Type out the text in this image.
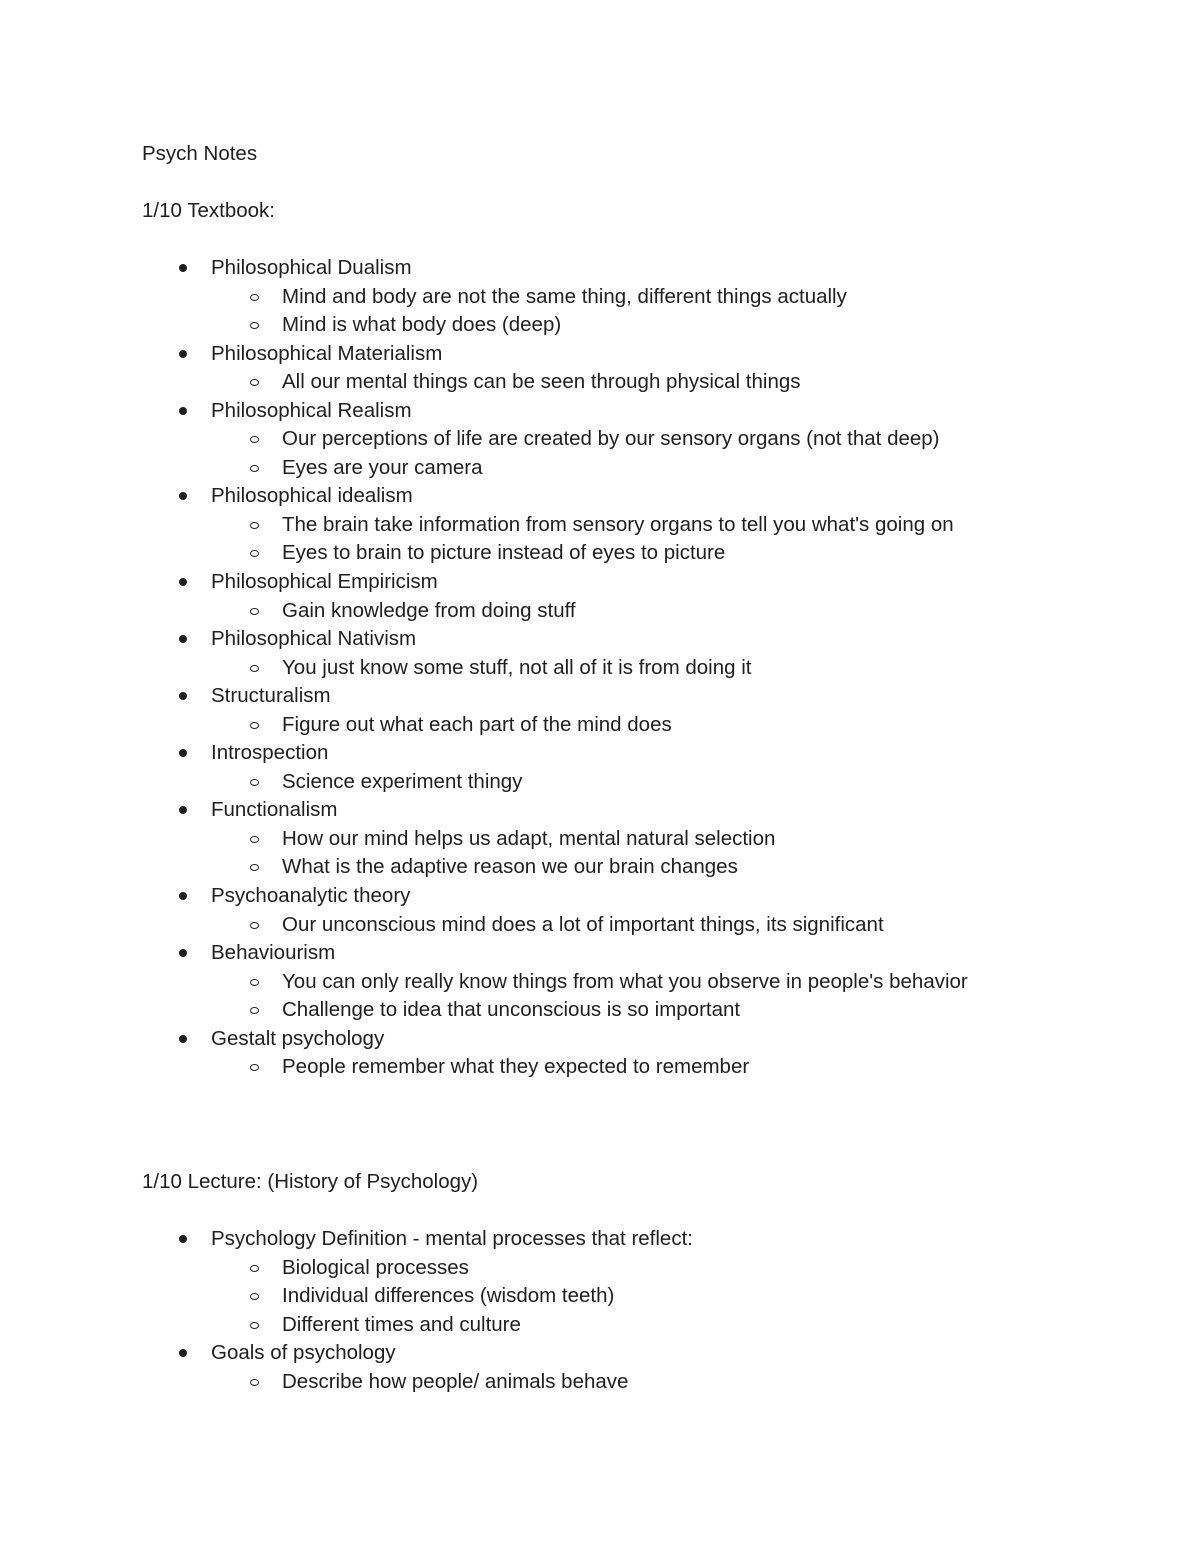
Psych Notes
1/10 Textbook:
Philosophical Dualism
Mind and body are not the same thing, different things actually
Mind is what body does (deep)
Philosophical Materialism
All our mental things can be seen through physical things
Philosophical Realism
Our perceptions of life are created by our sensory organs (not that deep)
Eyes are your camera
Philosophical idealism
The brain take information from sensory organs to tell you what's going on
Eyes to brain to picture instead of eyes to picture
Philosophical Empiricism
Gain knowledge from doing stuff
Philosophical Nativism
You just know some stuff, not all of it is from doing it
Structuralism
Figure out what each part of the mind does
Introspection
Science experiment thingy
Functionalism
How our mind helps us adapt, mental natural selection
What is the adaptive reason we our brain changes
Psychoanalytic theory
Our unconscious mind does a lot of important things, its significant
Behaviourism
You can only really know things from what you observe in people's behavior
Challenge to idea that unconscious is so important
Gestalt psychology
People remember what they expected to remember
1/10 Lecture: (History of Psychology)
Psychology Definition - mental processes that reflect:
Biological processes
Individual differences (wisdom teeth)
Different times and culture
Goals of psychology
Describe how people/ animals behave
